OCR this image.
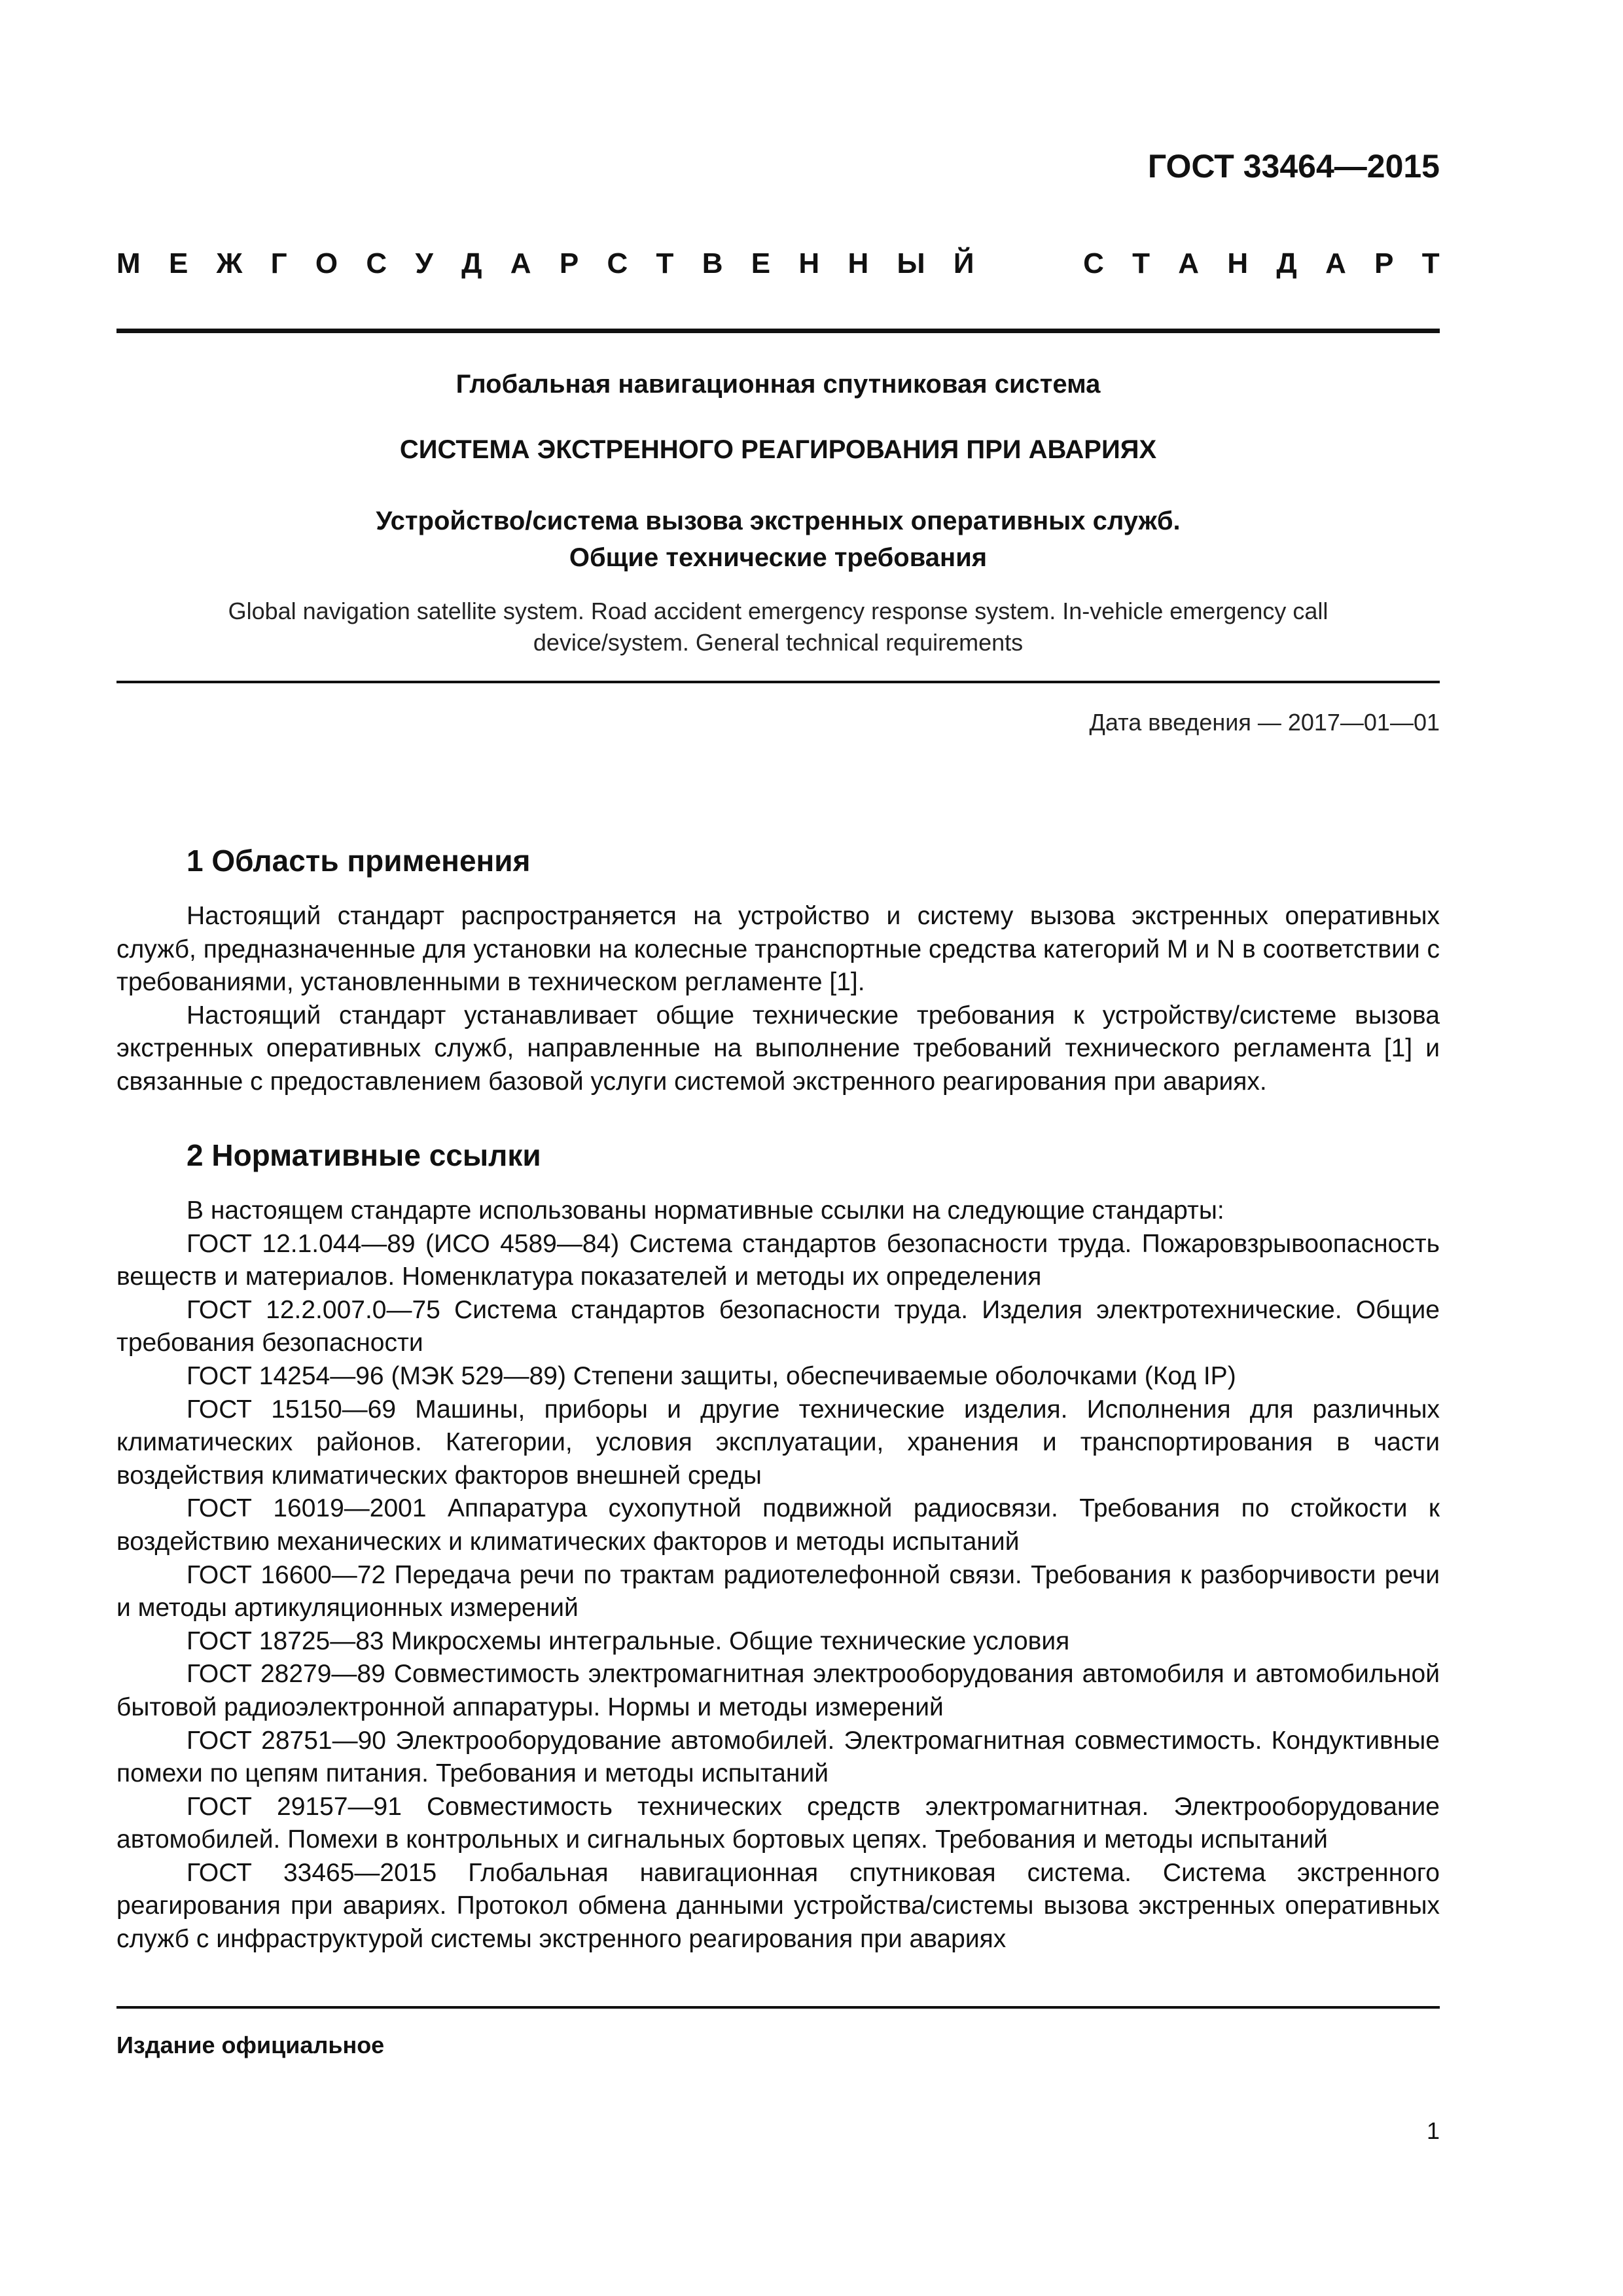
ГОСТ 33464—2015
М Е Ж Г О С У Д А Р С Т В Е Н Н Ы Й	С Т А Н Д А Р Т
Глобальная навигационная спутниковая система
СИСТЕМА ЭКСТРЕННОГО РЕАГИРОВАНИЯ ПРИ АВАРИЯХ
Устройство/система вызова экстренных оперативных служб.
Общие технические требования
Global navigation satellite system. Road accident emergency response system. In-vehicle emergency call
device/system. General technical requirements
Дата введения — 2017—01—01
1 Область применения

Настоящий стандарт распространяется на устройство и систему вызова экстренных оперативных служб, предназначенные для установки на колесные транспортные средства категорий М и N в соответствии с требованиями, установленными в техническом регламенте [1].

Настоящий стандарт устанавливает общие технические требования к устройству/системе вызова экстренных оперативных служб, направленные на выполнение требований технического регламента [1] и связанные с предоставлением базовой услуги системой экстренного реагирования при авариях.

2 Нормативные ссылки

В настоящем стандарте использованы нормативные ссылки на следующие стандарты:

ГОСТ 12.1.044—89 (ИСО 4589—84) Система стандартов безопасности труда. Пожаровзрывоопасность веществ и материалов. Номенклатура показателей и методы их определения

ГОСТ 12.2.007.0—75 Система стандартов безопасности труда. Изделия электротехнические. Общие требования безопасности

ГОСТ 14254—96 (МЭК 529—89) Степени защиты, обеспечиваемые оболочками (Код IP)

ГОСТ 15150—69 Машины, приборы и другие технические изделия. Исполнения для различных климатических районов. Категории, условия эксплуатации, хранения и транспортирования в части воздействия климатических факторов внешней среды

ГОСТ 16019—2001 Аппаратура сухопутной подвижной радиосвязи. Требования по стойкости к воздействию механических и климатических факторов и методы испытаний

ГОСТ 16600—72 Передача речи по трактам радиотелефонной связи. Требования к разборчивости речи и методы артикуляционных измерений

ГОСТ 18725—83 Микросхемы интегральные. Общие технические условия

ГОСТ 28279—89 Совместимость электромагнитная электрооборудования автомобиля и автомобильной бытовой радиоэлектронной аппаратуры. Нормы и методы измерений

ГОСТ 28751—90 Электрооборудование автомобилей. Электромагнитная совместимость. Кондуктивные помехи по цепям питания. Требования и методы испытаний

ГОСТ 29157—91 Совместимость технических средств электромагнитная. Электрооборудование автомобилей. Помехи в контрольных и сигнальных бортовых цепях. Требования и методы испытаний

ГОСТ 33465—2015 Глобальная навигационная спутниковая система. Система экстренного реагирования при авариях. Протокол обмена данными устройства/системы вызова экстренных оперативных служб с инфраструктурой системы экстренного реагирования при авариях

Издание официальное
1
